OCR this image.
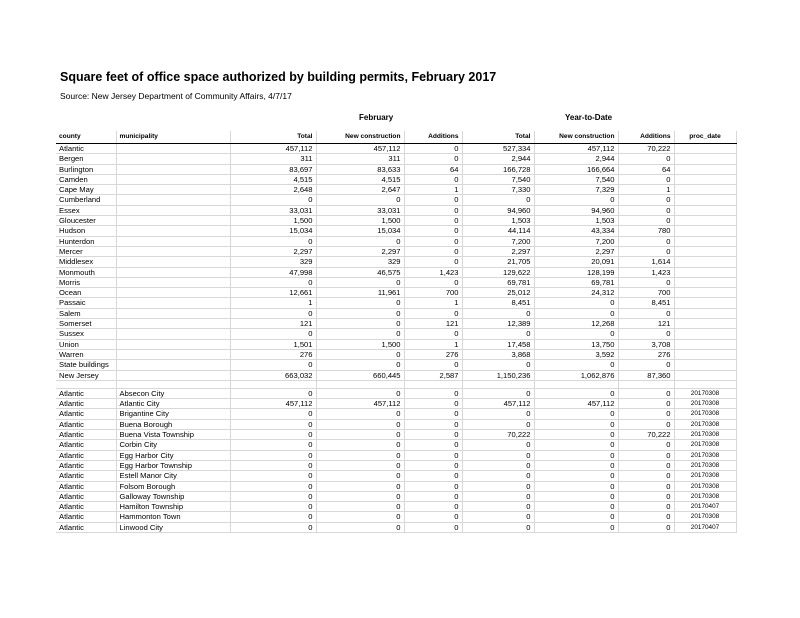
Square feet of office space authorized by building permits, February 2017
Source: New Jersey Department of Community Affairs, 4/7/17
February	Year-to-Date
county	municipality	Total	New construction	Additions	Total	New construction	Additions	proc_date
Atlantic		457,112	457,112	0	527,334	457,112	70,222	
Bergen		311	311	0	2,944	2,944	0	
Burlington		83,697	83,633	64	166,728	166,664	64	
Camden		4,515	4,515	0	7,540	7,540	0	
Cape May		2,648	2,647	1	7,330	7,329	1	
Cumberland		0	0	0	0	0	0	
Essex		33,031	33,031	0	94,960	94,960	0	
Gloucester		1,500	1,500	0	1,503	1,503	0	
Hudson		15,034	15,034	0	44,114	43,334	780	
Hunterdon		0	0	0	7,200	7,200	0	
Mercer		2,297	2,297	0	2,297	2,297	0	
Middlesex		329	329	0	21,705	20,091	1,614	
Monmouth		47,998	46,575	1,423	129,622	128,199	1,423	
Morris		0	0	0	69,781	69,781	0	
Ocean		12,661	11,961	700	25,012	24,312	700	
Passaic		1	0	1	8,451	0	8,451	
Salem		0	0	0	0	0	0	
Somerset		121	0	121	12,389	12,268	121	
Sussex		0	0	0	0	0	0	
Union		1,501	1,500	1	17,458	13,750	3,708	
Warren		276	0	276	3,868	3,592	276	
State buildings		0	0	0	0	0	0	
New Jersey		663,032	660,445	2,587	1,150,236	1,062,876	87,360	

Atlantic	Absecon City	0	0	0	0	0	0	20170308
Atlantic	Atlantic City	457,112	457,112	0	457,112	457,112	0	20170308
Atlantic	Brigantine City	0	0	0	0	0	0	20170308
Atlantic	Buena Borough	0	0	0	0	0	0	20170308
Atlantic	Buena Vista Township	0	0	0	70,222	0	70,222	20170308
Atlantic	Corbin City	0	0	0	0	0	0	20170308
Atlantic	Egg Harbor City	0	0	0	0	0	0	20170308
Atlantic	Egg Harbor Township	0	0	0	0	0	0	20170308
Atlantic	Estell Manor City	0	0	0	0	0	0	20170308
Atlantic	Folsom Borough	0	0	0	0	0	0	20170308
Atlantic	Galloway Township	0	0	0	0	0	0	20170308
Atlantic	Hamilton Township	0	0	0	0	0	0	20170407
Atlantic	Hammonton Town	0	0	0	0	0	0	20170308
Atlantic	Linwood City	0	0	0	0	0	0	20170407
